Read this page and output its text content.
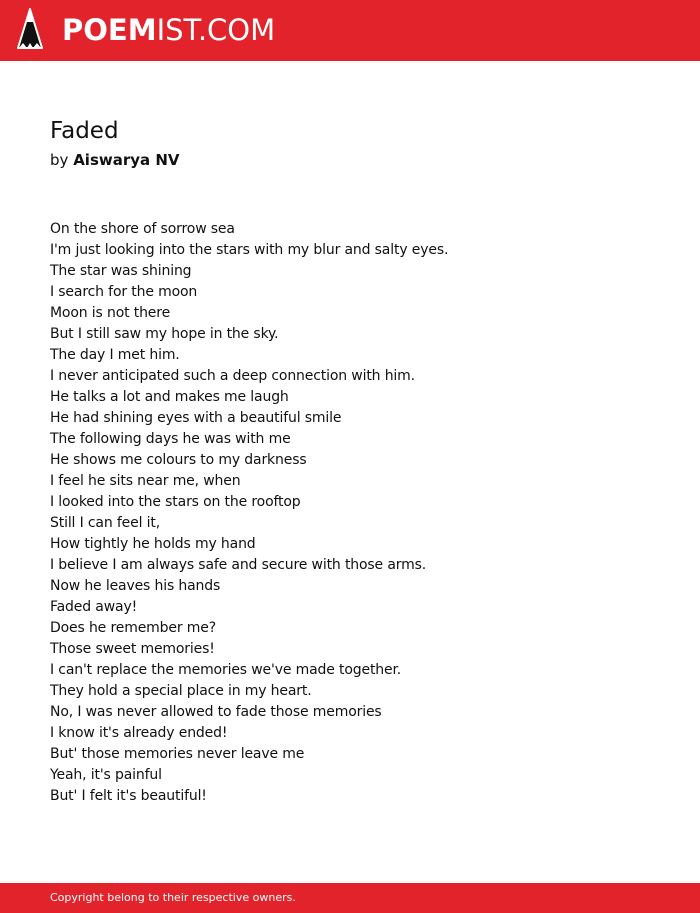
POEMIST.COM
Faded
by Aiswarya NV
On the shore of sorrow sea
I'm just looking into the stars with my blur and salty eyes.
The star was shining
I search for the moon
Moon is not there
But I still saw my hope in the sky.
The day I met him.
I never anticipated such a deep connection with him.
He talks a lot and makes me laugh
He had shining eyes with a beautiful smile
The following days he was with me
He shows me colours to my darkness
I feel he sits near me, when
I looked into the stars on the rooftop
Still I can feel it,
How tightly he holds my hand
I believe I am always safe and secure with those arms.
Now he leaves his hands
Faded away!
Does he remember me?
Those sweet memories!
I can't replace the memories we've made together.
They hold a special place in my heart.
No, I was never allowed to fade those memories
I know it's already ended!
But' those memories never leave me
Yeah, it's painful
But' I felt it's beautiful!
Copyright belong to their respective owners.
